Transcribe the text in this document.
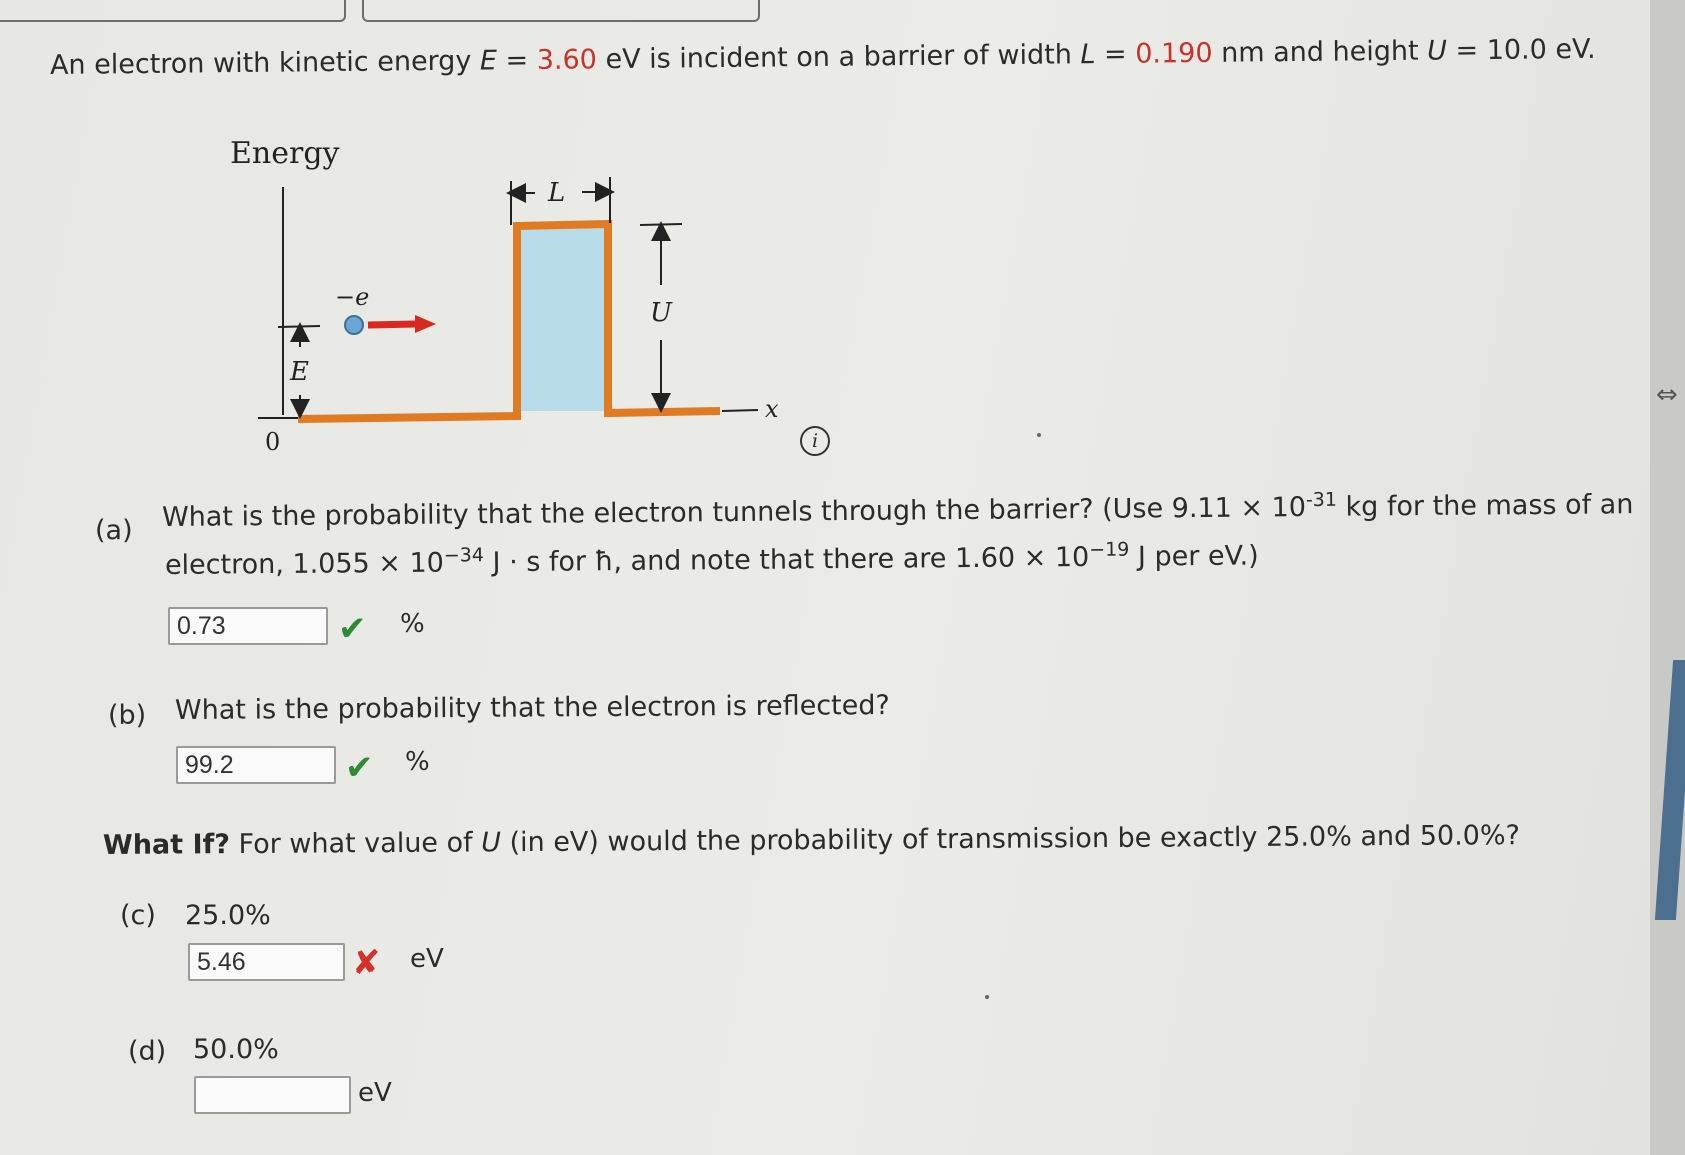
An electron with kinetic energy E = 3.60 eV is incident on a barrier of width L = 0.190 nm and height U = 10.0 eV.
Energy
0
x
E
−e
L
U
i
(a) What is the probability that the electron tunnels through the barrier? (Use $9.11 \times 10^{-31}$ kg for the mass of an
electron, $1.055 \times 10^{-34}$ J · s for ħ, and note that there are $1.60 \times 10^{-19}$ J per eV.)
0.73	✔ %
(b) What is the probability that the electron is reflected?
99.2	✔ %
What If? For what value of U (in eV) would the probability of transmission be exactly 25.0% and 50.0%?
(c) 25.0%
5.46	✘ eV
(d) 50.0%
eV
⇔
